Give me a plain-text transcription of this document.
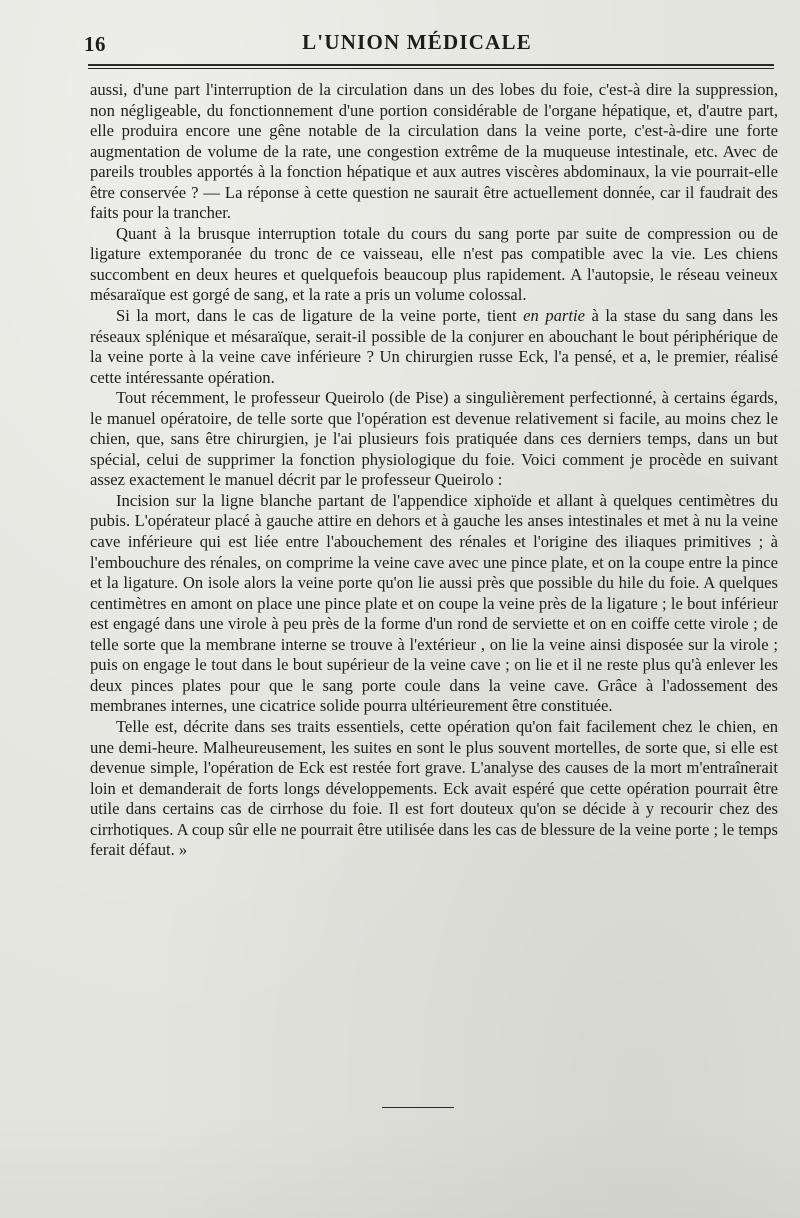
16	L'UNION MÉDICALE

aussi, d'une part l'interruption de la circulation dans un des lobes du foie, c'est-à dire la suppression, non négligeable, du fonctionnement d'une portion considérable de l'organe hépatique, et, d'autre part, elle produira encore une gêne notable de la circulation dans la veine porte, c'est-à-dire une forte augmentation de volume de la rate, une congestion extrême de la muqueuse intestinale, etc. Avec de pareils troubles apportés à la fonction hépatique et aux autres viscères abdominaux, la vie pourrait-elle être conservée ? — La réponse à cette question ne saurait être actuellement donnée, car il faudrait des faits pour la trancher.

Quant à la brusque interruption totale du cours du sang porte par suite de compression ou de ligature extemporanée du tronc de ce vaisseau, elle n'est pas compatible avec la vie. Les chiens succombent en deux heures et quelquefois beaucoup plus rapidement. A l'autopsie, le réseau veineux mésaraïque est gorgé de sang, et la rate a pris un volume colossal.

Si la mort, dans le cas de ligature de la veine porte, tient en partie à la stase du sang dans les réseaux splénique et mésaraïque, serait-il possible de la conjurer en abouchant le bout périphérique de la veine porte à la veine cave inférieure ? Un chirurgien russe Eck, l'a pensé, et a, le premier, réalisé cette intéressante opération.

Tout récemment, le professeur Queirolo (de Pise) a singulièrement perfectionné, à certains égards, le manuel opératoire, de telle sorte que l'opération est devenue relativement si facile, au moins chez le chien, que, sans être chirurgien, je l'ai plusieurs fois pratiquée dans ces derniers temps, dans un but spécial, celui de supprimer la fonction physiologique du foie. Voici comment je procède en suivant assez exactement le manuel décrit par le professeur Queirolo :

Incision sur la ligne blanche partant de l'appendice xiphoïde et allant à quelques centimètres du pubis. L'opérateur placé à gauche attire en dehors et à gauche les anses intestinales et met à nu la veine cave inférieure qui est liée entre l'abouchement des rénales et l'origine des iliaques primitives ; à l'embouchure des rénales, on comprime la veine cave avec une pince plate, et on la coupe entre la pince et la ligature. On isole alors la veine porte qu'on lie aussi près que possible du hile du foie. A quelques centimètres en amont on place une pince plate et on coupe la veine près de la ligature ; le bout inférieur est engagé dans une virole à peu près de la forme d'un rond de serviette et on en coiffe cette virole ; de telle sorte que la membrane interne se trouve à l'extérieur , on lie la veine ainsi disposée sur la virole ; puis on engage le tout dans le bout supérieur de la veine cave ; on lie et il ne reste plus qu'à enlever les deux pinces plates pour que le sang porte coule dans la veine cave. Grâce à l'adossement des membranes internes, une cicatrice solide pourra ultérieurement être constituée.

Telle est, décrite dans ses traits essentiels, cette opération qu'on fait facilement chez le chien, en une demi-heure. Malheureusement, les suites en sont le plus souvent mortelles, de sorte que, si elle est devenue simple, l'opération de Eck est restée fort grave. L'analyse des causes de la mort m'entraînerait loin et demanderait de forts longs développements. Eck avait espéré que cette opération pourrait être utile dans certains cas de cirrhose du foie. Il est fort douteux qu'on se décide à y recourir chez des cirrhotiques. A coup sûr elle ne pourrait être utilisée dans les cas de blessure de la veine porte ; le temps ferait défaut. »
